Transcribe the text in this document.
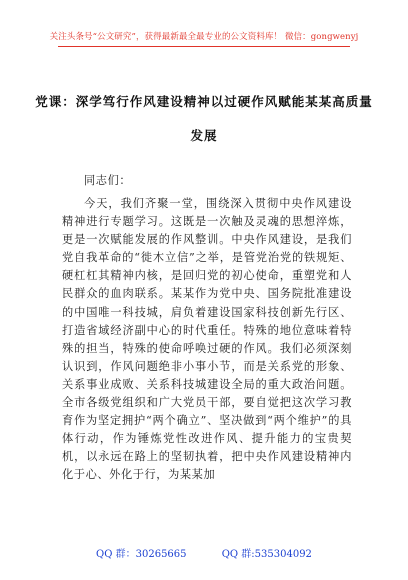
关注头条号“公文研究”，获得最新最全最专业的公文资料库！ 微信：gongwenyj
党课：深学笃行作风建设精神以过硬作风赋能某某高质量
发展
同志们：
今天，我们齐聚一堂，围绕深入贯彻中央作风建设精神进行专题学习。这既是一次触及灵魂的思想淬炼，更是一次赋能发展的作风整训。中央作风建设，是我们党自我革命的“徙木立信”之举，是管党治党的铁规矩、硬杠杠其精神内核，是回归党的初心使命，重塑党和人民群众的血肉联系。某某作为党中央、国务院批准建设的中国唯一科技城，肩负着建设国家科技创新先行区、打造省域经济副中心的时代重任。特殊的地位意味着特殊的担当，特殊的使命呼唤过硬的作风。我们必须深刻认识到，作风问题绝非小事小节，而是关系党的形象、关系事业成败、关系科技城建设全局的重大政治问题。全市各级党组织和广大党员干部，要自觉把这次学习教育作为坚定拥护“两个确立”、坚决做到“两个维护”的具体行动，作为锤炼党性改进作风、提升能力的宝贵契机，以永远在路上的坚韧执着，把中央作风建设精神内化于心、外化于行，为某某加
QQ 群：30265665	QQ 群:535304092
